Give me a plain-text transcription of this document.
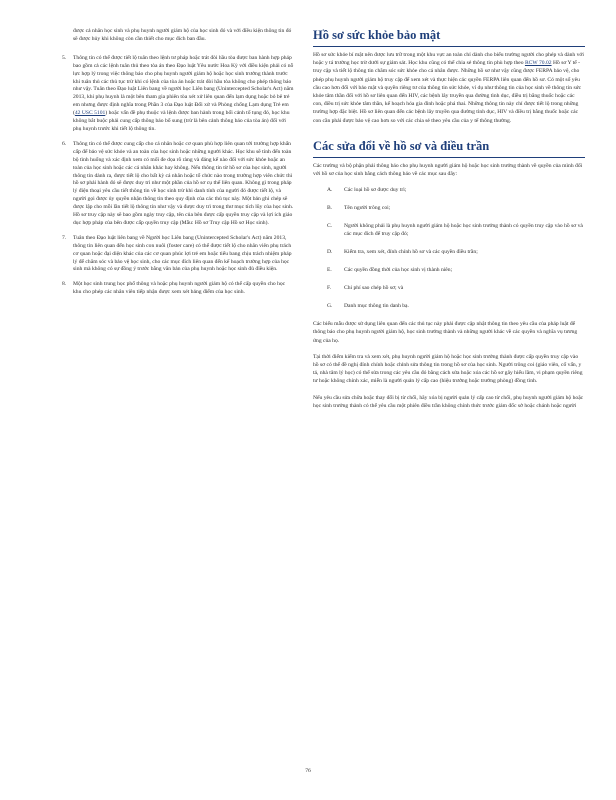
được cả nhân học sinh và phụ huynh người giám hộ của học sinh đó và với điều kiện thông tin đó sẽ được hủy khi không còn cần thiết cho mục đích ban đầu.
5.	Thông tin có thể được tiết lộ tuân theo lệnh tư pháp hoặc trát đòi hầu tòa được ban hành hợp pháp bao gồm cả các lệnh tuân thủ theo tòa án theo Đạo luật Yêu nước Hoa Kỳ với điều kiện phải có nỗ lực hợp lý trong việc thông báo cho phụ huynh người giám hộ hoặc học sinh trưởng thành trước khi tuân thủ các thủ tục trừ khi có lệnh của tòa án hoặc trát đòi hầu tòa không cho phép thông báo như vậy. Tuân theo Đạo luật Liên bang về người học Liên bang (Unintercepted Scholar's Act) năm 2013, khi phụ huynh là một bên tham gia phiên tòa xét xử liên quan đến lạm dụng hoặc bỏ bê trẻ em nhưng được định nghĩa trong Phần 3 của Đạo luật Đối xử và Phòng chống Lạm dụng Trẻ em (42 USC 5101) hoặc vấn đề phụ thuộc và lệnh được ban hành trong bối cảnh tố tụng đó, học khu không bắt buộc phải cung cấp thông báo bổ sung (trừ là bên cảnh thông báo của tòa án) đối với phụ huynh trước khi tiết lộ thông tin.
6.	Thông tin có thể được cung cấp cho cá nhân hoặc cơ quan phù hợp liên quan tới trường hợp khẩn cấp để bảo vệ sức khỏe và an toàn của học sinh hoặc những người khác. Học khu sẽ tính đến toàn bộ tình huống và xác định xem có mối đe dọa rõ ràng và đáng kể nào đối với sức khỏe hoặc an toàn của học sinh hoặc các cá nhân khác hay không. Nếu thông tin từ hồ sơ của học sinh, người thông tin dành ra, được tiết lộ cho bất kỳ cá nhân hoặc tổ chức nào trong trường hợp viên chức thì hồ sơ phải hành đó sẽ được duy trì như một phần của hồ sơ cụ thể liên quan. Không gì trong pháp lý điện thoại yêu cầu tiết thông tin về học sinh trừ khi danh tính của người đó được tiết lộ, và người gọi được ủy quyền nhận thông tin theo quy định của các thủ tục này. Một bản ghi chép sẽ được lập cho mỗi lần tiết lộ thông tin như vậy và được duy trì trong thư mục tích lũy của học sinh. Hồ sơ truy cập này sẽ bao gồm ngày truy cập, tên của bên được cấp quyền truy cập và lợi ích giáo dục hợp pháp của bên được cấp quyền truy cập (Mẫu: Hồ sơ Truy cập Hồ sơ Học sinh).
7.	Tuân theo Đạo luật liên bang về Người học Liên bang (Unintercepted Scholar's Act) năm 2013, thông tin liên quan đến học sinh con nuôi (foster care) có thể được tiết lộ cho nhân viên phụ trách cơ quan hoặc đại diện khác của các cơ quan phúc lợi trẻ em hoặc tiểu bang chịu trách nhiệm pháp lý để chăm sóc và bảo vệ học sinh, cho các mục đích liên quan đến kế hoạch trường hợp của học sinh mà không có sự đồng ý trước bằng văn bản của phụ huynh hoặc học sinh đủ điều kiện.
8.	Một học sinh trung học phổ thông và hoặc phụ huynh người giám hộ có thể cấp quyền cho học khu cho phép các nhân viên tiếp nhận được xem xét bảng điểm của học sinh.
Hồ sơ sức khỏe bảo mật

Hồ sơ sức khỏe bí mật nên được lưu trữ trong một khu vực an toàn chỉ dành cho biểu trường người cho phép và dành với hoặc y tá trường học trừ dưới sự giám sát. Học khu cũng có thể chia sẻ thông tin phù hợp theo RCW 70.02 Hồ sơ Y tế - truy cập và tiết lộ thông tin chăm sóc sức khỏe cho cá nhân được. Những hồ sơ như vậy cũng được FERPA bảo vệ, cho phép phụ huynh người giám hộ truy cập để xem xét và thực hiện các quyền FERPA liên quan đến hồ sơ. Có một số yêu cầu cao hơn đối với bảo mật và quyền riêng tư của thông tin sức khỏe, ví dụ như thông tin của học sinh về thông tin sức khỏe tâm thần đối với hồ sơ liên quan đến HIV, các bệnh lây truyền qua đường tình dục, điều trị bằng thuốc hoặc các con, điều trị sức khỏe tâm thần, kế hoạch hóa gia đình hoặc phá thai. Những thông tin này chỉ được tiết lộ trong những trường hợp đặc biệt. Hồ sơ liên quan đến các bệnh lây truyền qua đường tình dục, HIV và điều trị bằng thuốc hoặc các con cần phải được bảo vệ cao hơn so với các chia sẻ theo yêu cầu của y tế thông thường.

Các sửa đổi về hồ sơ và điều trần

Các trường và bộ phận phải thông báo cho phụ huynh người giám hộ hoặc học sinh trưởng thành về quyền của mình đối với hồ sơ của học sinh bằng cách thông báo về các mục sau đây:

A.	Các loại hồ sơ được duy trì;
B.	Tên người trông coi;
C.	Người không phải là phụ huynh người giám hộ hoặc học sinh trưởng thành có quyền truy cập vào hồ sơ và các mục đích để truy cập đó;
D.	Kiểm tra, xem xét, đính chính hồ sơ và các quyền điều trần;
E.	Các quyền đồng thời của học sinh vị thành niên;
F.	Chi phí sao chép hồ sơ; và
G.	Danh mục thông tin danh bạ.

Các biểu mẫu được sử dụng liên quan đến các thủ tục này phải được cập nhật thông tin theo yêu cầu của pháp luật để thông báo cho phụ huynh người giám hộ, học sinh trưởng thành và những người khác về các quyền và nghĩa vụ tương ứng của họ.

Tại thời điểm kiểm tra và xem xét, phụ huynh người giám hộ hoặc học sinh trưởng thành được cấp quyền truy cập vào hồ sơ có thể đề nghị đính chính hoặc chỉnh sửa thông tin trong hồ sơ của học sinh. Người trông coi (giáo viên, cố vấn, y tá, nhà tâm lý học) có thể sửa trong các yêu cầu đó bằng cách sửa hoặc xóa các hồ sơ gây hiểu lầm, vi phạm quyền riêng tư hoặc không chính xác, miễn là người quản lý cấp cao (hiệu trưởng hoặc trưởng phòng) đồng tình.

Nếu yêu cầu sửa chữa hoặc thay đổi bị từ chối, hãy xóa bị người quản lý cấp cao từ chối, phụ huynh người giám hộ hoặc học sinh trưởng thành có thể yêu cầu một phiên điều trần không chính thức trước giám đốc sở hoặc chánh hoặc người

76
